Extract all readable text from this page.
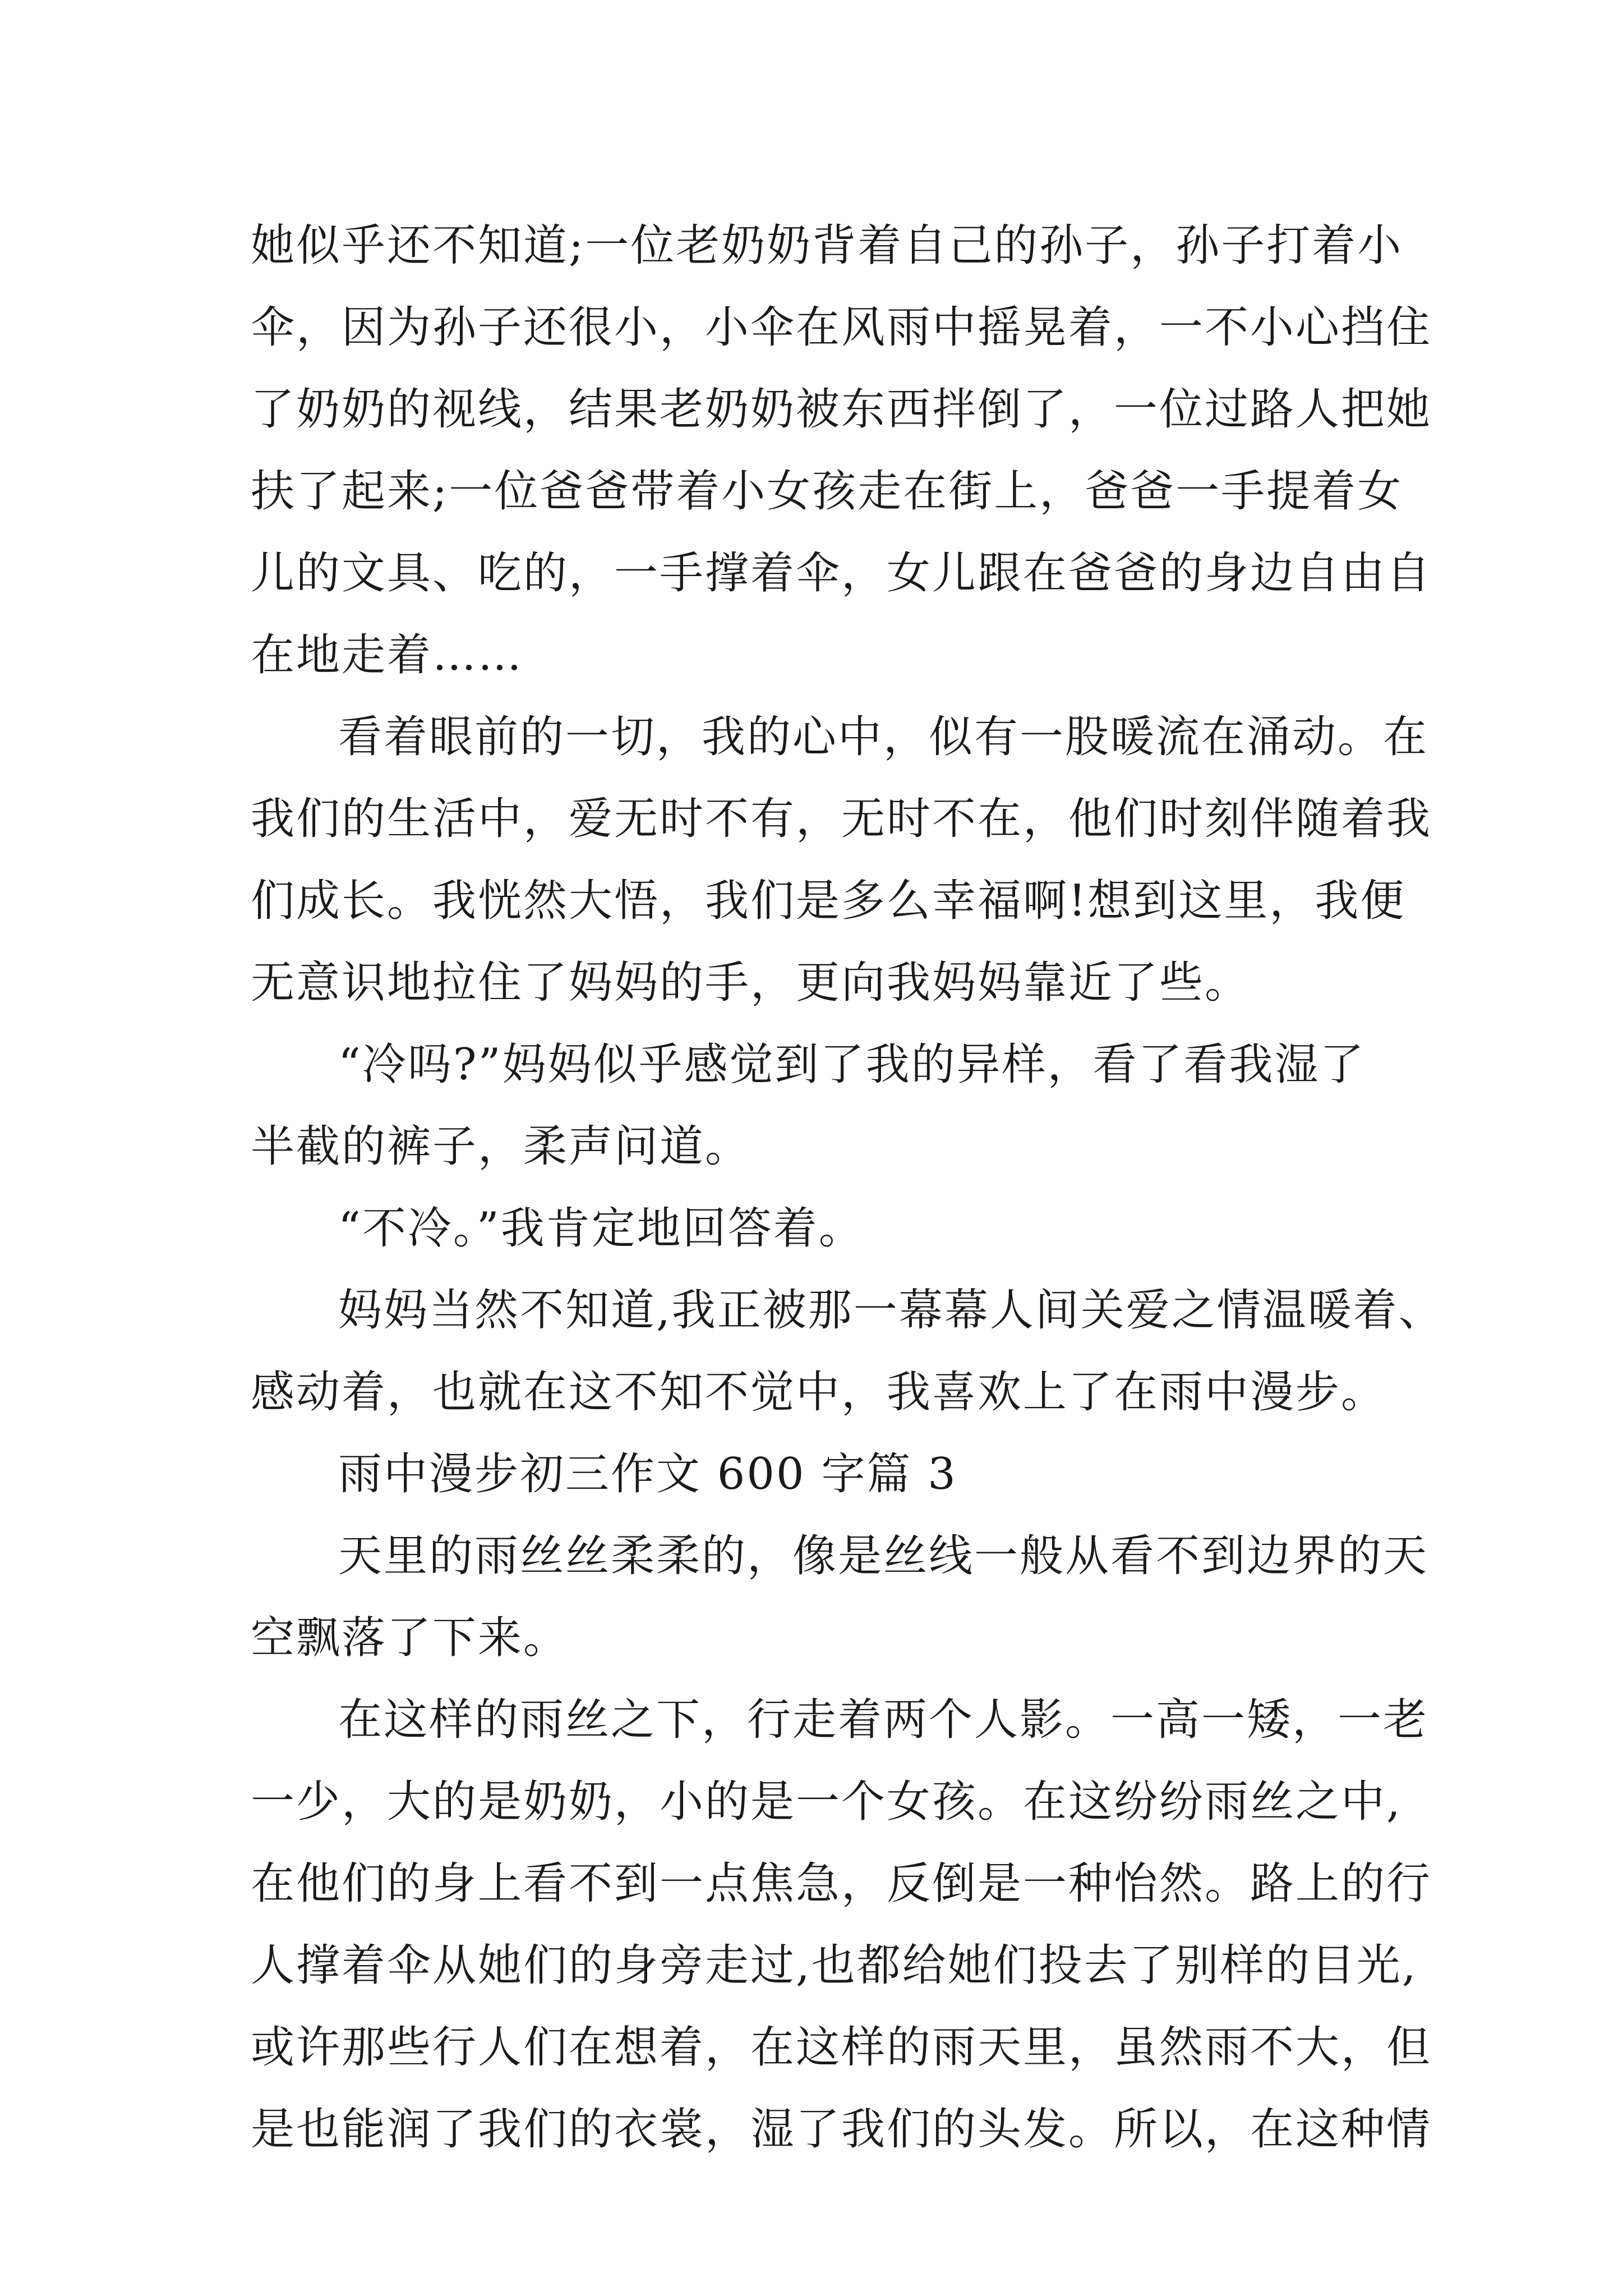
她似乎还不知道;一位老奶奶背着自己的孙子，孙子打着小
伞，因为孙子还很小，小伞在风雨中摇晃着，一不小心挡住
了奶奶的视线，结果老奶奶被东西拌倒了，一位过路人把她
扶了起来;一位爸爸带着小女孩走在街上，爸爸一手提着女
儿的文具、吃的，一手撑着伞，女儿跟在爸爸的身边自由自
在地走着……
看着眼前的一切，我的心中，似有一股暖流在涌动。在
我们的生活中，爱无时不有，无时不在，他们时刻伴随着我
们成长。我恍然大悟，我们是多么幸福啊!想到这里，我便
无意识地拉住了妈妈的手，更向我妈妈靠近了些。
“冷吗?”妈妈似乎感觉到了我的异样，看了看我湿了
半截的裤子，柔声问道。
“不冷。”我肯定地回答着。
妈妈当然不知道,我正被那一幕幕人间关爱之情温暖着、
感动着，也就在这不知不觉中，我喜欢上了在雨中漫步。
雨中漫步初三作文 600 字篇 3
天里的雨丝丝柔柔的，像是丝线一般从看不到边界的天
空飘落了下来。
在这样的雨丝之下，行走着两个人影。一高一矮，一老
一少，大的是奶奶，小的是一个女孩。在这纷纷雨丝之中,
在他们的身上看不到一点焦急，反倒是一种怡然。路上的行
人撑着伞从她们的身旁走过,也都给她们投去了别样的目光,
或许那些行人们在想着，在这样的雨天里，虽然雨不大，但
是也能润了我们的衣裳，湿了我们的头发。所以，在这种情
